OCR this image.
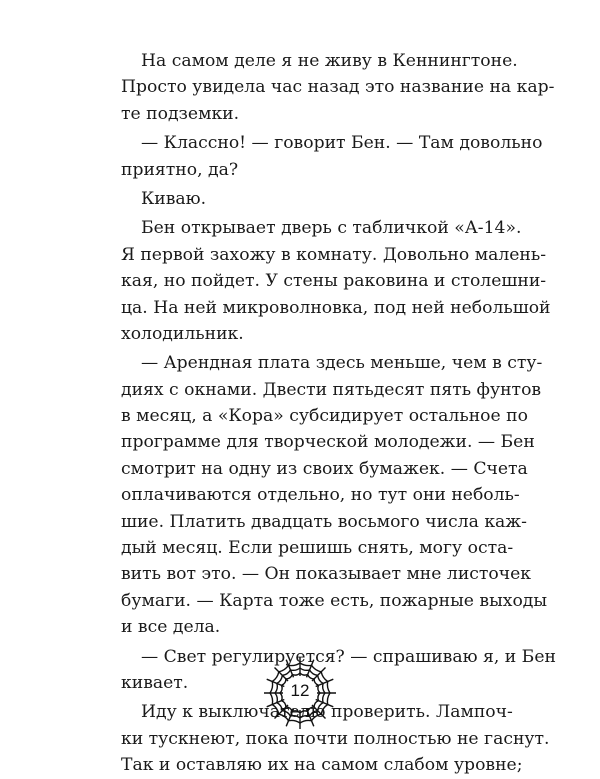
На самом деле я не живу в Кеннингтоне.
Просто увидела час назад это название на кар-
те подземки.
— Классно! — говорит Бен. — Там довольно
приятно, да?
Киваю.
Бен открывает дверь с табличкой «А-14».
Я первой захожу в комнату. Довольно малень-
кая, но пойдет. У стены раковина и столешни-
ца. На ней микроволновка, под ней небольшой
холодильник.
— Арендная плата здесь меньше, чем в сту-
диях с окнами. Двести пятьдесят пять фунтов
в месяц, а «Кора» субсидирует остальное по
программе для творческой молодежи. — Бен
смотрит на одну из своих бумажек. — Счета
оплачиваются отдельно, но тут они неболь-
шие. Платить двадцать восьмого числа каж-
дый месяц. Если решишь снять, могу оста-
вить вот это. — Он показывает мне листочек
бумаги. — Карта тоже есть, пожарные выходы
и все дела.
— Свет регулируется? — спрашиваю я, и Бен
кивает.
Иду к выключателю проверить. Лампоч-
ки тускнеют, пока почти полностью не гаснут.
Так и оставляю их на самом слабом уровне;
12
